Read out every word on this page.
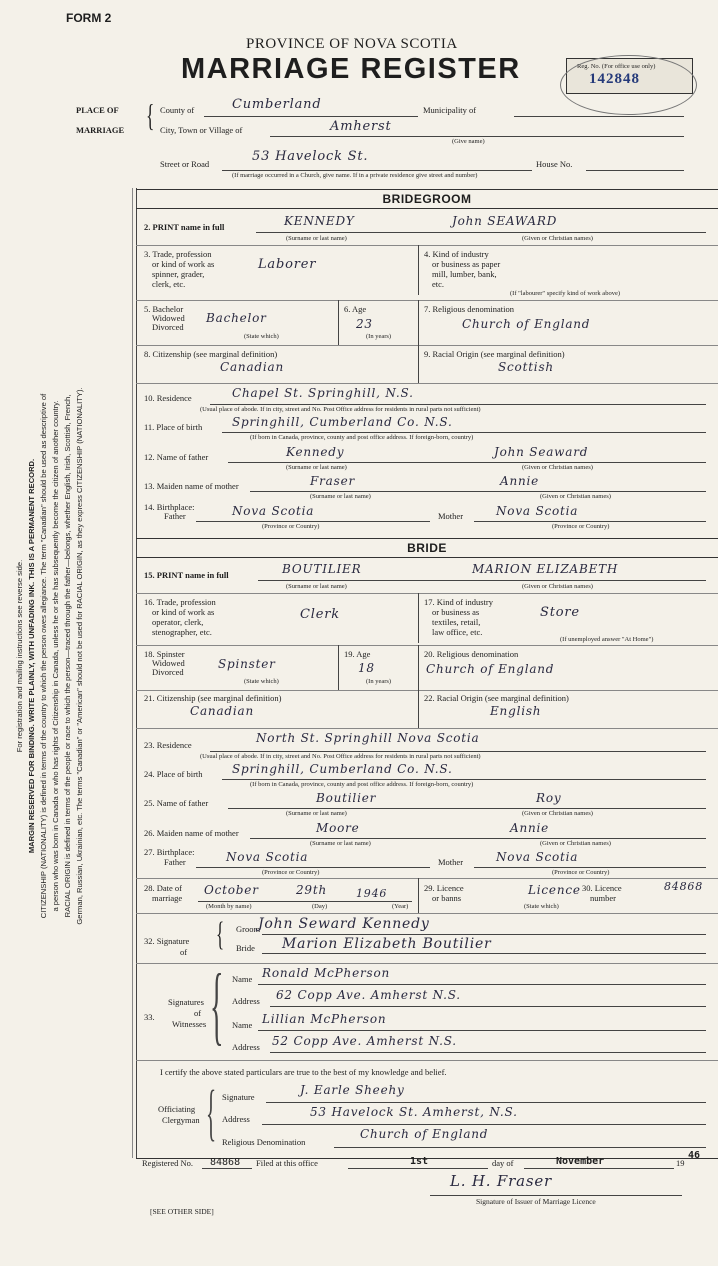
For registration and mailing instructions see reverse side. MARGIN RESERVED FOR BINDING. WRITE PLAINLY, WITH UNFADING INK. THIS IS A PERMANENT RECORD. CITIZENSHIP (NATIONALITY) is defined in terms of the country to which the person owes allegiance. The term "Canadian" should be used as descriptive of a person who was born in Canada or who has rights of Citizenship in Canada, unless he or she has subsequently become the citizen of another country. RACIAL ORIGIN is defined in terms of the people or race to which the person—traced through the father—belongs, whether English, Irish, Scottish, French, German, Russian, Ukrainian, etc. The terms "Canadian" or "American" should not be used for RACIAL ORIGIN, as they express CITIZENSHIP (NATIONALITY).
FORM 2
PROVINCE OF NOVA SCOTIA
MARRIAGE REGISTER	Reg. No. (For office use only)
142848
PLACE OF
MARRIAGE { County of	Cumberland	Municipality of
City, Town or Village of	Amherst
(Give name)
Street or Road	53 Havelock St.	House No.
(If marriage occurred in a Church, give name. If in a private residence give street and number)
BRIDEGROOM
2. PRINT name in full	KENNEDY	John SEAWARD
(Surname or last name)	(Given or Christian names)
3. Trade, profession
or kind of work as
spinner, grader,
clerk, etc.
Laborer
4. Kind of industry
or business as paper
mill, lumber, bank,
etc.
(If "labourer" specify kind of work above)
5. Bachelor
Widowed
Divorced
Bachelor
(State which)
6. Age
23
(In years)
7. Religious denomination
Church of England
8. Citizenship (see marginal definition)
Canadian
9. Racial Origin (see marginal definition)
Scottish
10. Residence	Chapel St. Springhill, N.S.
(Usual place of abode. If in city, street and No. Post Office address for residents in rural parts not sufficient)
11. Place of birth Springhill, Cumberland Co. N.S.
(If born in Canada, province, county and post office address. If foreign-born, country)
12. Name of father	Kennedy	John Seaward
(Surname or last name)	(Given or Christian names)
13. Maiden name of mother	Fraser	Annie
(Surname or last name)	(Given or Christian names)
14. Birthplace:
Father	Nova Scotia	Mother	Nova Scotia
(Province or Country)	(Province or Country)
BRIDE
15. PRINT name in full	BOUTILIER	MARION ELIZABETH
(Surname or last name)	(Given or Christian names)
16. Trade, profession
or kind of work as
operator, clerk,
stenographer, etc.
Clerk
17. Kind of industry
or business as
textiles, retail,
law office, etc.
Store
(If unemployed answer "At Home")
18. Spinster
Widowed
Divorced
Spinster
(State which)
19. Age
18
(In years)
20. Religious denomination
Church of England
21. Citizenship (see marginal definition)
Canadian
22. Racial Origin (see marginal definition)
English
23. Residence	North St. Springhill Nova Scotia
(Usual place of abode. If in city, street and No. Post Office address for residents in rural parts not sufficient)
24. Place of birth Springhill, Cumberland Co. N.S.
(If born in Canada, province, county and post office address. If foreign-born, country)
25. Name of father	Boutilier	Roy
(Surname or last name)	(Given or Christian names)
26. Maiden name of mother	Moore	Annie
(Surname or last name)	(Given or Christian names)
27. Birthplace:
Father	Nova Scotia	Mother	Nova Scotia
(Province or Country)	(Province or Country)
28. Date of
marriage
October	29th	1946
(Month by name)	(Day)	(Year)
29. Licence
or banns
Licence
(State which)
30. Licence
number
84868
32. Signature
of { Groom
John Seward Kennedy
Bride Marion Elizabeth Boutilier
33.
Signatures
of
Witnesses { Name Ronald McPherson
Address 62 Copp Ave. Amherst N.S.
Name Lillian McPherson
Address 52 Copp Ave. Amherst N.S.
I certify the above stated particulars are true to the best of my knowledge and belief.
Officiating
Clergyman { Signature	J. Earle Sheehy
Address	53 Havelock St. Amherst, N.S.
Religious Denomination
Church of England
Registered No. 84868 Filed at this office	1st	day of	November	19
46
L. H. Fraser
Signature of Issuer of Marriage Licence
[SEE OTHER SIDE]
